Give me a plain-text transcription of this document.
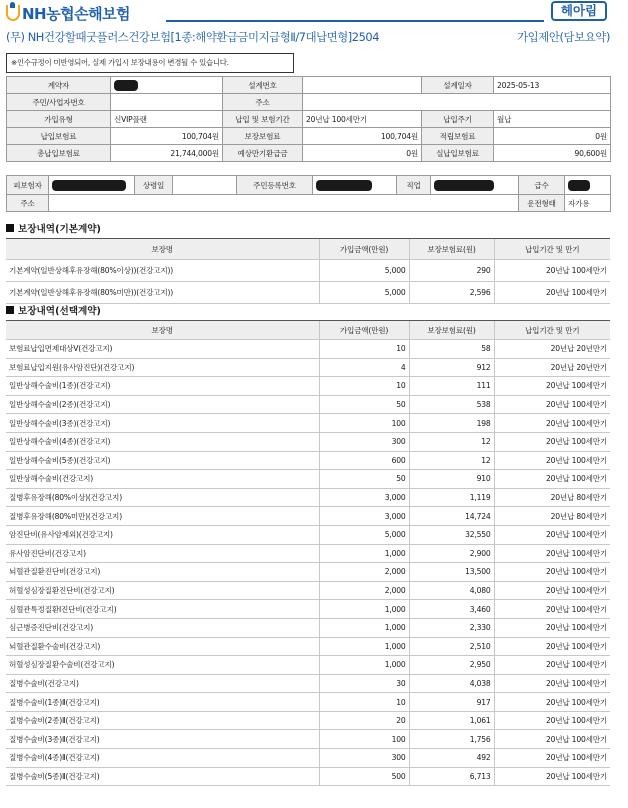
NH농협손해보험	헤아림
(무) NH건강할때굿플러스건강보험[1종:해약환급금미지급형Ⅱ/7대납면형]2504	가입제안(담보요약)
※인수규정이 미반영되어, 실제 가입시 보장내용이 변경될 수 있습니다.
계약자		설계번호		설계일자	2025-05-13
주민/사업자번호		주소			
가입유형	신VIP플랜	납입 및 보험기간	20년납 100세만기	납입주기	월납
납입보험료	100,704원	보장보험료	100,704원	적립보험료	0원
총납입보험료	21,744,000원	예상만기환급금	0원	실납입보험료	90,600원
피보험자		상령일		주민등록번호		직업		급수	
주소								운전형태	자가용
보장내역(기본계약)
보장명	가입금액(만원)	보장보험료(원)	납입기간 및 만기
기본계약(일반상해후유장해(80%이상))(건강고지))	5,000	290	20년납 100세만기
기본계약(일반상해후유장해(80%미만))(건강고지))	5,000	2,596	20년납 100세만기
보장내역(선택계약)
보장명	가입금액(만원)	보장보험료(원)	납입기간 및 만기
보험료납입면제대상Ⅴ(건강고지)	10	58	20년납 20년만기
보험료납입지원(유사암진단)(건강고지)	4	912	20년납 20년만기
일반상해수술비(1종)(건강고지)	10	111	20년납 100세만기
일반상해수술비(2종)(건강고지)	50	538	20년납 100세만기
일반상해수술비(3종)(건강고지)	100	198	20년납 100세만기
일반상해수술비(4종)(건강고지)	300	12	20년납 100세만기
일반상해수술비(5종)(건강고지)	600	12	20년납 100세만기
일반상해수술비(건강고지)	50	910	20년납 100세만기
질병후유장해(80%이상)(건강고지)	3,000	1,119	20년납 80세만기
질병후유장해(80%미만)(건강고지)	3,000	14,724	20년납 80세만기
암진단비(유사암제외)(건강고지)	5,000	32,550	20년납 100세만기
유사암진단비(건강고지)	1,000	2,900	20년납 100세만기
뇌혈관질환진단비(건강고지)	2,000	13,500	20년납 100세만기
허혈성심장질환진단비(건강고지)	2,000	4,080	20년납 100세만기
심혈관특정질환Ⅰ진단비(건강고지)	1,000	3,460	20년납 100세만기
심근병증진단비(건강고지)	1,000	2,330	20년납 100세만기
뇌혈관질환수술비(건강고지)	1,000	2,510	20년납 100세만기
허혈성심장질환수술비(건강고지)	1,000	2,950	20년납 100세만기
질병수술비(건강고지)	30	4,038	20년납 100세만기
질병수술비(1종)Ⅱ(건강고지)	10	917	20년납 100세만기
질병수술비(2종)Ⅱ(건강고지)	20	1,061	20년납 100세만기
질병수술비(3종)Ⅱ(건강고지)	100	1,756	20년납 100세만기
질병수술비(4종)Ⅱ(건강고지)	300	492	20년납 100세만기
질병수술비(5종)Ⅱ(건강고지)	500	6,713	20년납 100세만기
